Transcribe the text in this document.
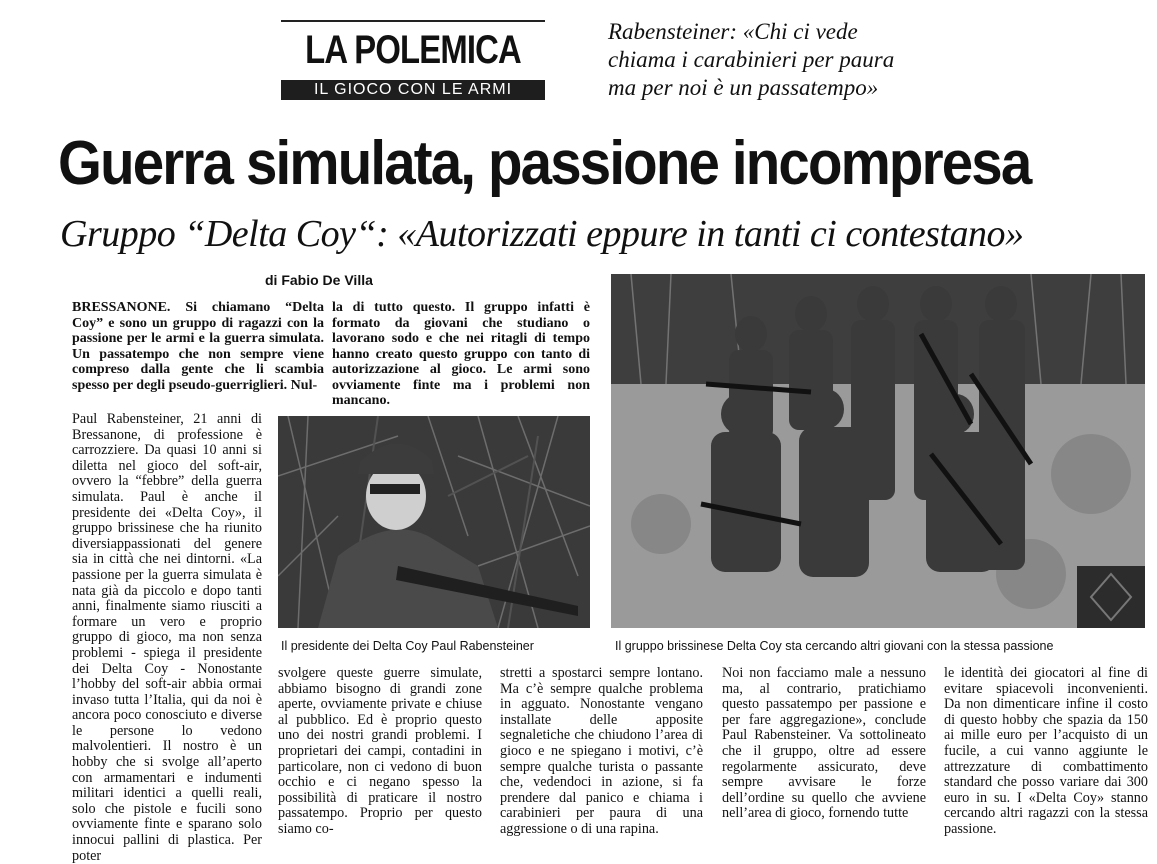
LA POLEMICA
IL GIOCO CON LE ARMI
Rabensteiner: «Chi ci vede
chiama i carabinieri per paura
ma per noi è un passatempo»
Guerra simulata, passione incompresa
Gruppo “Delta Coy“: «Autorizzati eppure in tanti ci contestano»
di Fabio De Villa
BRESSANONE. Si chiamano “Delta Coy” e sono un gruppo di ragazzi con la passione per le armi e la guerra simulata. Un passatempo che non sempre viene compreso dalla gente che li scambia spesso per degli pseudo-guerriglieri. Nul-
la di tutto questo. Il gruppo infatti è formato da giovani che studiano o lavorano sodo e che nei ritagli di tempo hanno creato questo gruppo con tanto di autorizzazione al gioco. Le armi sono ovviamente finte ma i problemi non mancano.
Il presidente dei Delta Coy Paul Rabensteiner	Il gruppo brissinese Delta Coy sta cercando altri giovani con la stessa passione
Paul Rabensteiner, 21 anni di Bressanone, di professione è carrozziere. Da quasi 10 anni si diletta nel gioco del soft-air, ovvero la “febbre” della guerra simulata. Paul è anche il presidente dei «Delta Coy», il gruppo brissinese che ha riunito diversiappassionati del genere sia in città che nei dintorni. «La passione per la guerra simulata è nata già da piccolo e dopo tanti anni, finalmente siamo riusciti a formare un vero e proprio gruppo di gioco, ma non senza problemi - spiega il presidente dei Delta Coy - Nonostante l’hobby del soft-air abbia ormai invaso tutta l’Italia, qui da noi è ancora poco conosciuto e diverse le persone lo vedono malvolentieri. Il nostro è un hobby che si svolge all’aperto con armamentari e indumenti militari identici a quelli reali, solo che pistole e fucili sono ovviamente finte e sparano solo innocui pallini di plastica. Per poter
svolgere queste guerre simulate, abbiamo bisogno di grandi zone aperte, ovviamente private e chiuse al pubblico. Ed è proprio questo uno dei nostri grandi problemi. I proprietari dei campi, contadini in particolare, non ci vedono di buon occhio e ci negano spesso la possibilità di praticare il nostro passatempo. Proprio per questo siamo co-
stretti a spostarci sempre lontano. Ma c’è sempre qualche problema in agguato. Nonostante vengano installate delle apposite segnaletiche che chiudono l’area di gioco e ne spiegano i motivi, c’è sempre qualche turista o passante che, vedendoci in azione, si fa prendere dal panico e chiama i carabinieri per paura di una aggressione o di una rapina.
Noi non facciamo male a nessuno ma, al contrario, pratichiamo questo passatempo per passione e per fare aggregazione», conclude Paul Rabensteiner. Va sottolineato che il gruppo, oltre ad essere regolarmente assicurato, deve sempre avvisare le forze dell’ordine su quello che avviene nell’area di gioco, fornendo tutte
le identità dei giocatori al fine di evitare spiacevoli inconvenienti. Da non dimenticare infine il costo di questo hobby che spazia da 150 ai mille euro per l’acquisto di un fucile, a cui vanno aggiunte le attrezzature di combattimento standard che posso variare dai 300 euro in su. I «Delta Coy» stanno cercando altri ragazzi con la stessa passione.
